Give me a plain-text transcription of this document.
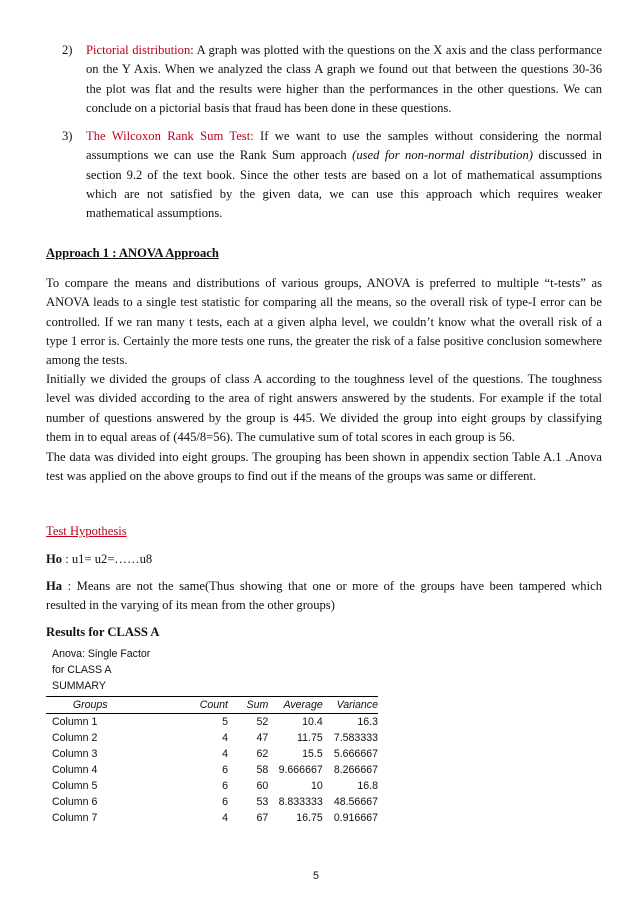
2) Pictorial distribution: A graph was plotted with the questions on the X axis and the class performance on the Y Axis. When we analyzed the class A graph we found out that between the questions 30-36 the plot was flat and the results were higher than the performances in the other questions. We can conclude on a pictorial basis that fraud has been done in these questions.
3) The Wilcoxon Rank Sum Test: If we want to use the samples without considering the normal assumptions we can use the Rank Sum approach (used for non-normal distribution) discussed in section 9.2 of the text book. Since the other tests are based on a lot of mathematical assumptions which are not satisfied by the given data, we can use this approach which requires weaker mathematical assumptions.
Approach 1 : ANOVA Approach
To compare the means and distributions of various groups, ANOVA is preferred to multiple “t-tests” as ANOVA leads to a single test statistic for comparing all the means, so the overall risk of type-I error can be controlled. If we ran many t tests, each at a given alpha level, we couldn’t know what the overall risk of a type 1 error is. Certainly the more tests one runs, the greater the risk of a false positive conclusion somewhere among the tests.
Initially we divided the groups of class A according to the toughness level of the questions. The toughness level was divided according to the area of right answers answered by the students. For example if the total number of questions answered by the group is 445. We divided the group into eight groups by classifying them in to equal areas of (445/8=56). The cumulative sum of total scores in each group is 56.
The data was divided into eight groups. The grouping has been shown in appendix section Table A.1 .Anova test was applied on the above groups to find out if the means of the groups was same or different.
Test Hypothesis
Ho : u1= u2=……u8
Ha : Means are not the same(Thus showing that one or more of the groups have been tampered which resulted in the varying of its mean from the other groups)
Results for CLASS A
Anova: Single Factor
for CLASS A
SUMMARY
Groups	Count	Sum	Average	Variance
Column 1	5	52	10.4	16.3
Column 2	4	47	11.75	7.583333
Column 3	4	62	15.5	5.666667
Column 4	6	58	9.666667	8.266667
Column 5	6	60	10	16.8
Column 6	6	53	8.833333	48.56667
Column 7	4	67	16.75	0.916667
5
